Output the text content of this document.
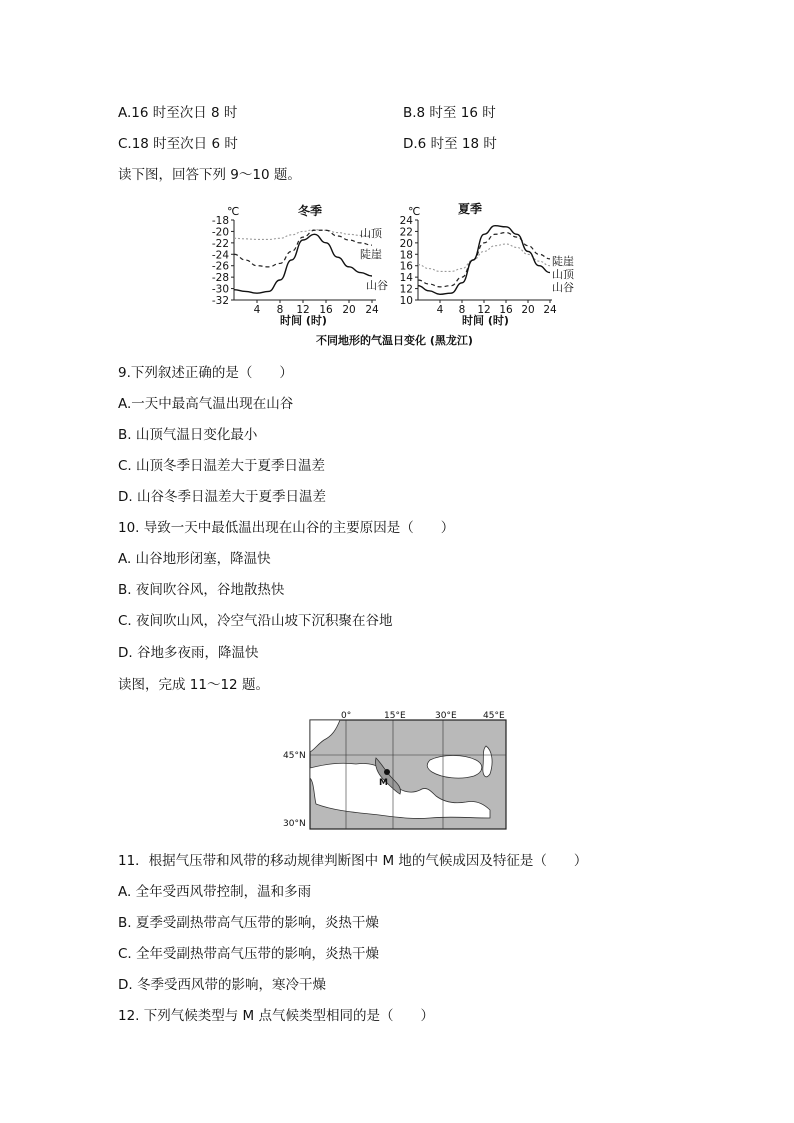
A.16 时至次日 8 时	B.8 时至 16 时
C.18 时至次日 6 时	D.6 时至 18 时
读下图，回答下列 9～10 题。
℃	冬季
-18
-20
-22
-24
-26
-28
-30
-32
4 8 12 16 20 24
山顶
陡崖
山谷
时间 (时)
℃	夏季
24
22
20
18
16
14
12
10
4 8 12 16 20 24
陡崖
山顶
山谷
时间 (时)
不同地形的气温日变化 (黑龙江)
9.下列叙述正确的是（　　）
A.一天中最高气温出现在山谷
B. 山顶气温日变化最小
C. 山顶冬季日温差大于夏季日温差
D. 山谷冬季日温差大于夏季日温差
10. 导致一天中最低温出现在山谷的主要原因是（　　）
A. 山谷地形闭塞，降温快
B. 夜间吹谷风，谷地散热快
C. 夜间吹山风，冷空气沿山坡下沉积聚在谷地
D. 谷地多夜雨，降温快
读图，完成 11～12 题。
0°	15°E	30°E	45°E
45°N
30°N
M
11．根据气压带和风带的移动规律判断图中 M 地的气候成因及特征是（　　）
A. 全年受西风带控制，温和多雨
B. 夏季受副热带高气压带的影响，炎热干燥
C. 全年受副热带高气压带的影响，炎热干燥
D. 冬季受西风带的影响，寒冷干燥
12. 下列气候类型与 M 点气候类型相同的是（　　）
